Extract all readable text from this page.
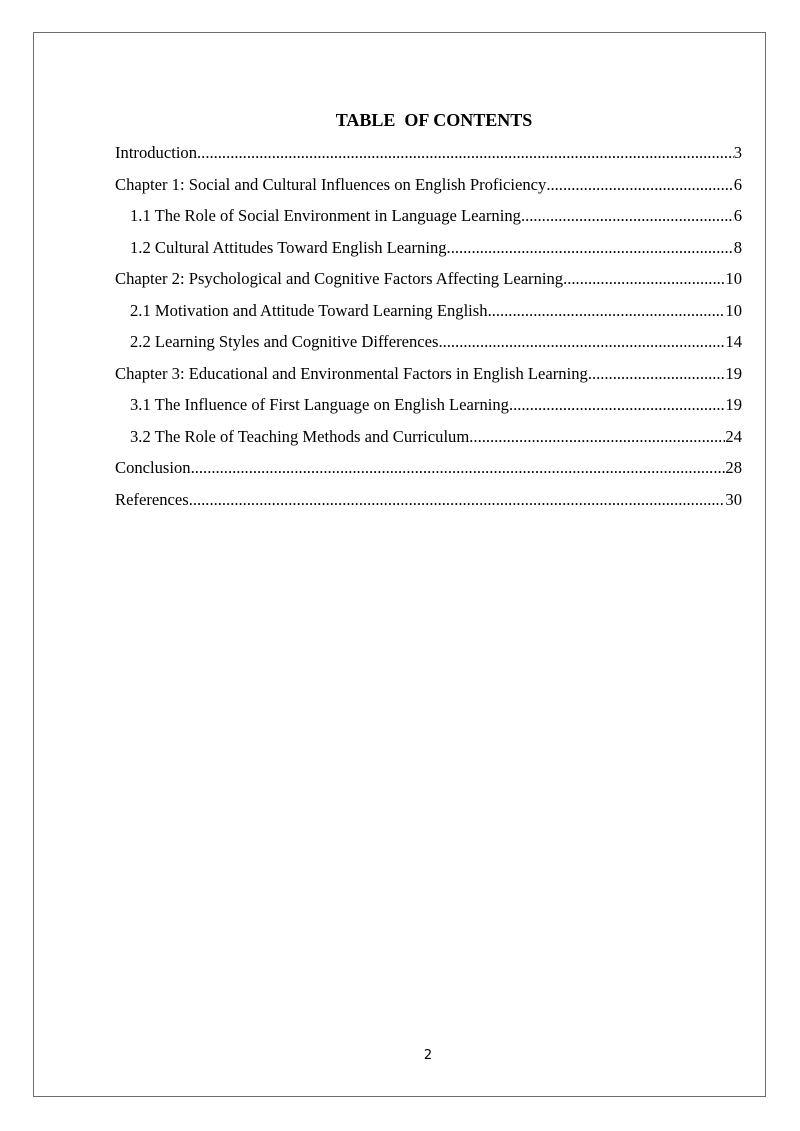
TABLE  OF CONTENTS
Introduction .....	3
Chapter 1: Social and Cultural Influences on English Proficiency .....	6
1.1 The Role of Social Environment in Language Learning .....	6
1.2 Cultural Attitudes Toward English Learning .....	8
Chapter 2: Psychological and Cognitive Factors Affecting Learning .....	10
2.1 Motivation and Attitude Toward Learning English .....	10
2.2 Learning Styles and Cognitive Differences .....	14
Chapter 3: Educational and Environmental Factors in English Learning .....	19
3.1 The Influence of First Language on English Learning .....	19
3.2 The Role of Teaching Methods and Curriculum .....	24
Conclusion .....	28
References .....	30
2
